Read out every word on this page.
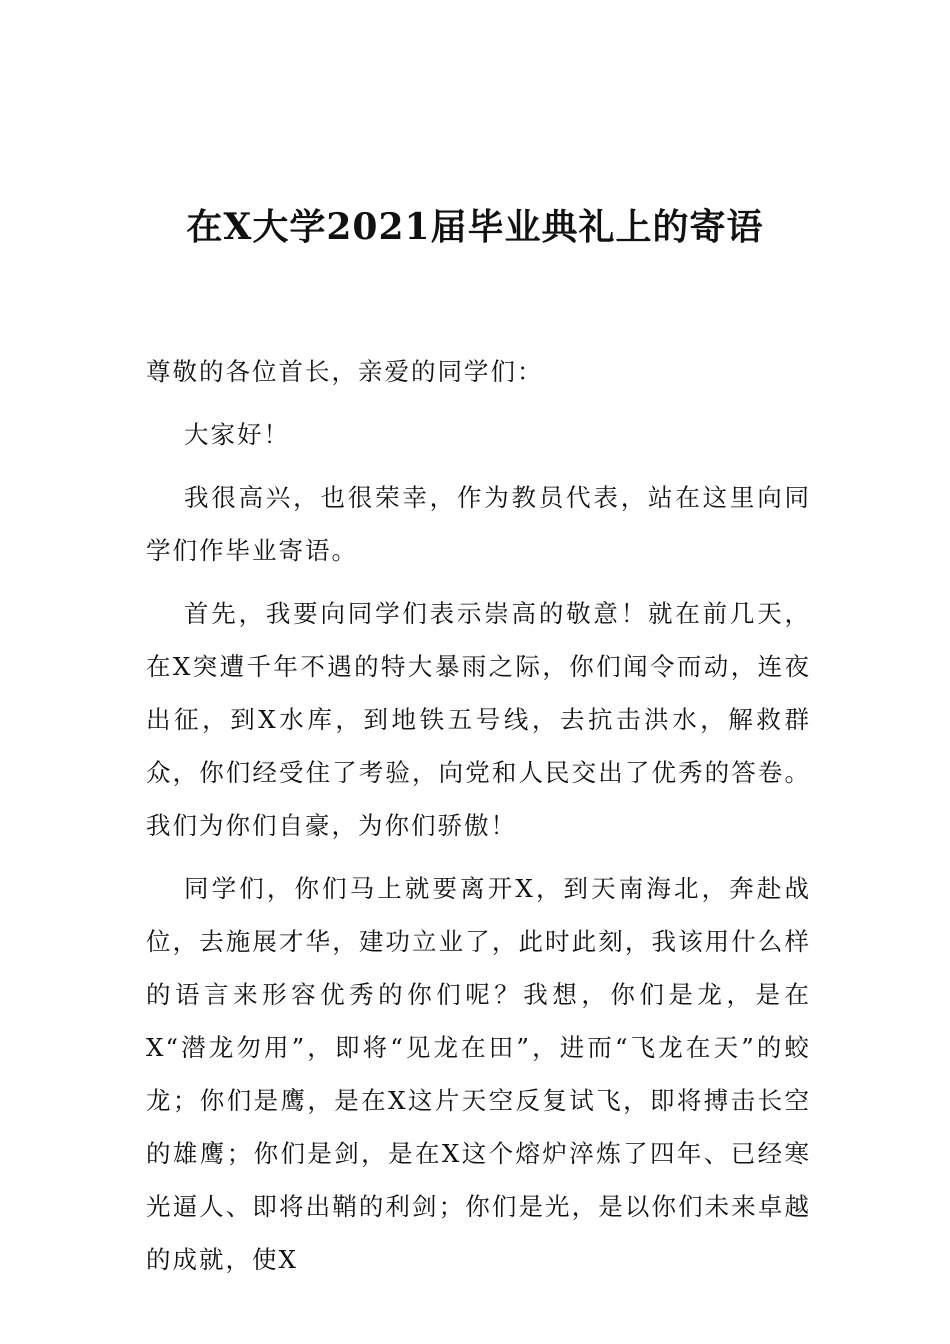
在X大学2021届毕业典礼上的寄语

尊敬的各位首长，亲爱的同学们：

大家好！

我很高兴，也很荣幸，作为教员代表，站在这里向同学们作毕业寄语。

首先，我要向同学们表示崇高的敬意！就在前几天，在X突遭千年不遇的特大暴雨之际，你们闻令而动，连夜出征，到X水库，到地铁五号线，去抗击洪水，解救群众，你们经受住了考验，向党和人民交出了优秀的答卷。我们为你们自豪，为你们骄傲！

同学们，你们马上就要离开X，到天南海北，奔赴战位，去施展才华，建功立业了，此时此刻，我该用什么样的语言来形容优秀的你们呢？我想，你们是龙，是在X“潜龙勿用”，即将“见龙在田”，进而“飞龙在天”的蛟龙；你们是鹰，是在X这片天空反复试飞，即将搏击长空的雄鹰；你们是剑，是在X这个熔炉淬炼了四年、已经寒光逼人、即将出鞘的利剑；你们是光，是以你们未来卓越的成就，使X
